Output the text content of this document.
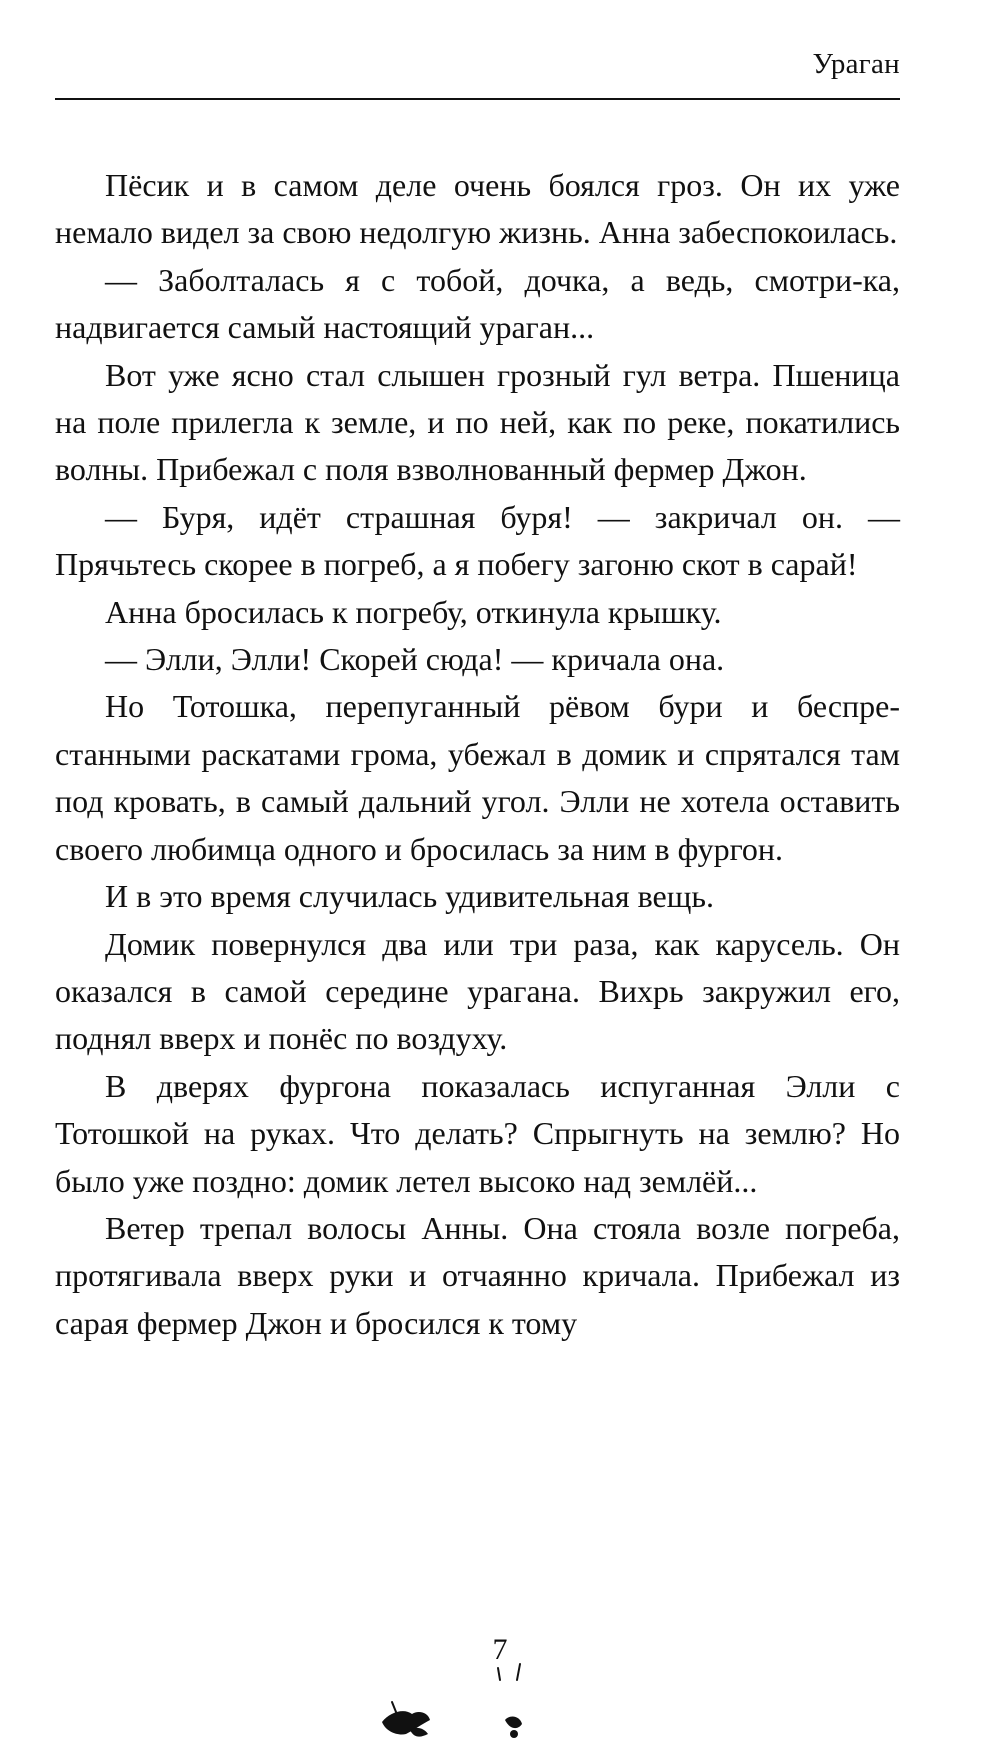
Ураган

Пёсик и в самом деле очень боялся гроз. Он их уже немало видел за свою недолгую жизнь. Анна забеспокоилась.

— Заболталась я с тобой, дочка, а ведь, смотри-ка, надвигается самый настоящий ураган...

Вот уже ясно стал слышен грозный гул ветра. Пшеница на поле прилегла к земле, и по ней, как по реке, покатились волны. Прибежал с поля взволнованный фермер Джон.

— Буря, идёт страшная буря! — закричал он. — Прячьтесь скорее в погреб, а я побегу загоню скот в сарай!

Анна бросилась к погребу, откинула крышку.

— Элли, Элли! Скорей сюда! — кричала она.

Но Тотошка, перепуганный рёвом бури и беспрестанными раскатами грома, убежал в домик и спрятался там под кровать, в самый дальний угол. Элли не хотела оставить своего любимца одного и бросилась за ним в фургон.

И в это время случилась удивительная вещь.

Домик повернулся два или три раза, как карусель. Он оказался в самой середине урагана. Вихрь закружил его, поднял вверх и понёс по воздуху.

В дверях фургона показалась испуганная Элли с Тотошкой на руках. Что делать? Спрыгнуть на землю? Но было уже поздно: домик летел высоко над землёй...

Ветер трепал волосы Анны. Она стояла возле погреба, протягивала вверх руки и отчаянно кричала. Прибежал из сарая фермер Джон и бросился к тому

7
